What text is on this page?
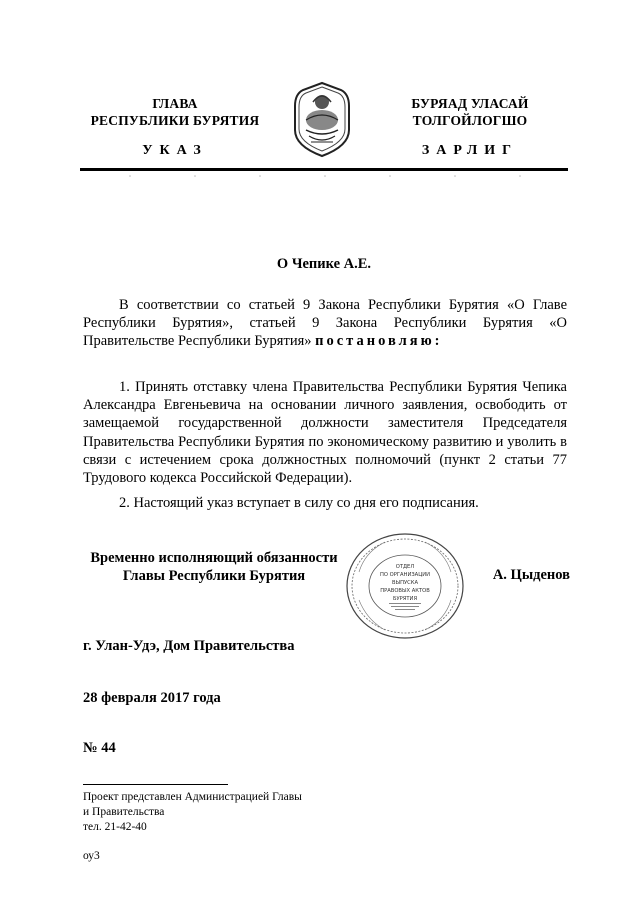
ГЛАВА
РЕСПУБЛИКИ БУРЯТИЯ
БУРЯАД УЛАСАЙ
ТОЛГОЙЛОГШО
УКАЗ	ЗАРЛИГ
О Чепике А.Е.
В соответствии со статьей 9 Закона Республики Бурятия «О Главе Республики Бурятия», статьей 9 Закона Республики Бурятия «О Правительстве Республики Бурятия» постановляю:
1. Принять отставку члена Правительства Республики Бурятия Чепика Александра Евгеньевича на основании личного заявления, освободить от замещаемой государственной должности заместителя Председателя Правительства Республики Бурятия по экономическому развитию и уволить в связи с истечением срока должностных полномочий (пункт 2 статьи 77 Трудового кодекса Российской Федерации).
2. Настоящий указ вступает в силу со дня его подписания.
Временно исполняющий обязанности
Главы Республики Бурятия
ОТДЕЛ
ПО ОРГАНИЗАЦИИ
ВЫПУСКА
ПРАВОВЫХ АКТОВ
БУРЯТИЯ
А. Цыденов
г. Улан-Удэ, Дом Правительства
28 февраля 2017 года
№ 44
Проект представлен Администрацией Главы
и Правительства
тел. 21-42-40
оу3
